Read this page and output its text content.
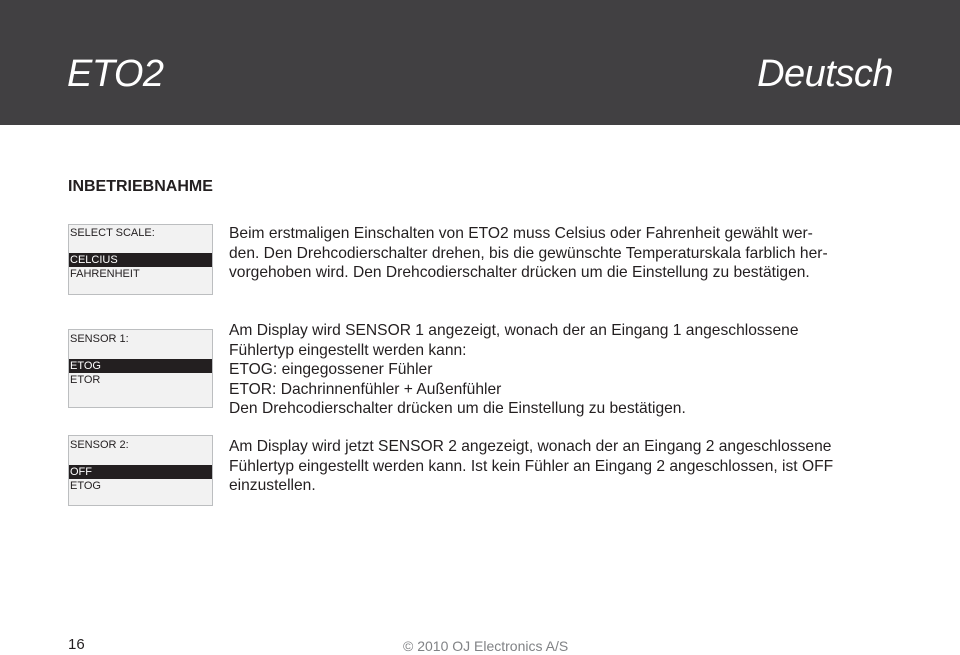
ETO2	Deutsch
INBETRIEBNAHME
SELECT SCALE:
CELCIUS
FAHRENHEIT
Beim erstmaligen Einschalten von ETO2 muss Celsius oder Fahrenheit gewählt wer-
den. Den Drehcodierschalter drehen, bis die gewünschte Temperaturskala farblich her-
vorgehoben wird. Den Drehcodierschalter drücken um die Einstellung zu bestätigen.
SENSOR 1:
ETOG
ETOR
Am Display wird SENSOR 1 angezeigt, wonach der an Eingang 1 angeschlossene
Fühlertyp eingestellt werden kann:
ETOG: eingegossener Fühler
ETOR: Dachrinnenfühler + Außenfühler
Den Drehcodierschalter drücken um die Einstellung zu bestätigen.
SENSOR 2:
OFF
ETOG
Am Display wird jetzt SENSOR 2 angezeigt, wonach der an Eingang 2 angeschlossene
Fühlertyp eingestellt werden kann. Ist kein Fühler an Eingang 2 angeschlossen, ist OFF
einzustellen.
16	© 2010 OJ Electronics A/S
